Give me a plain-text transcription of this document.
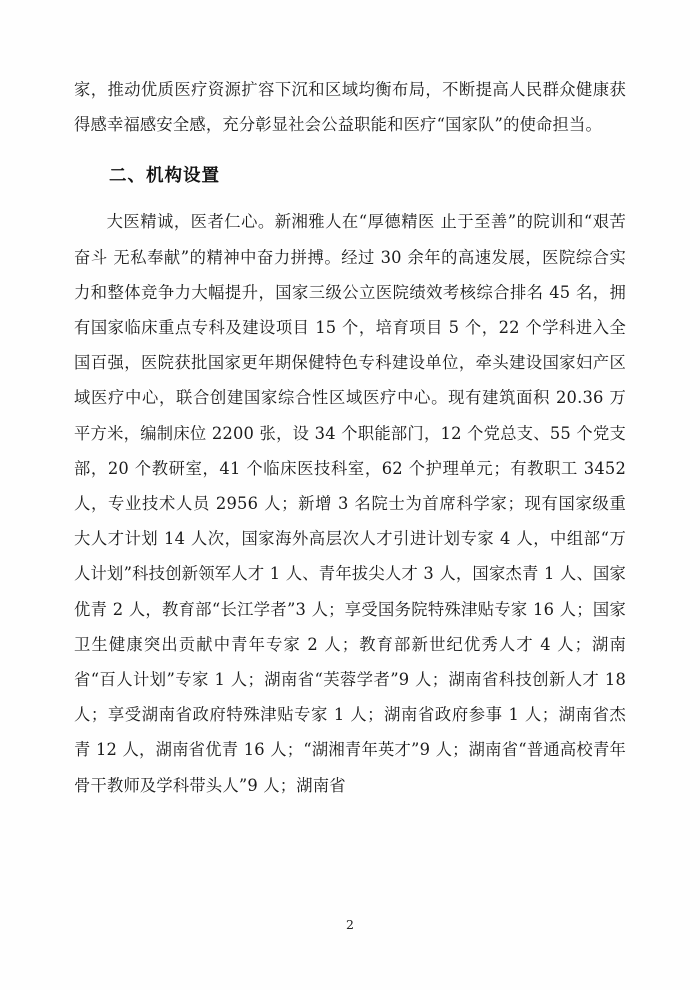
家，推动优质医疗资源扩容下沉和区域均衡布局，不断提高人民群众健康获得感幸福感安全感，充分彰显社会公益职能和医疗“国家队”的使命担当。

二、机构设置

大医精诚，医者仁心。新湘雅人在“厚德精医 止于至善”的院训和“艰苦奋斗 无私奉献”的精神中奋力拼搏。经过 30 余年的高速发展，医院综合实力和整体竞争力大幅提升，国家三级公立医院绩效考核综合排名 45 名，拥有国家临床重点专科及建设项目 15 个，培育项目 5 个，22 个学科进入全国百强，医院获批国家更年期保健特色专科建设单位，牵头建设国家妇产区域医疗中心，联合创建国家综合性区域医疗中心。现有建筑面积 20.36 万平方米，编制床位 2200 张，设 34 个职能部门，12 个党总支、55 个党支部，20 个教研室，41 个临床医技科室，62 个护理单元；有教职工 3452 人，专业技术人员 2956 人；新增 3 名院士为首席科学家；现有国家级重大人才计划 14 人次，国家海外高层次人才引进计划专家 4 人，中组部“万人计划”科技创新领军人才 1 人、青年拔尖人才 3 人，国家杰青 1 人、国家优青 2 人，教育部“长江学者”3 人；享受国务院特殊津贴专家 16 人；国家卫生健康突出贡献中青年专家 2 人；教育部新世纪优秀人才 4 人；湖南省“百人计划”专家 1 人；湖南省“芙蓉学者”9 人；湖南省科技创新人才 18 人；享受湖南省政府特殊津贴专家 1 人；湖南省政府参事 1 人；湖南省杰青 12 人，湖南省优青 16 人；“湖湘青年英才”9 人；湖南省“普通高校青年骨干教师及学科带头人”9 人；湖南省

2
